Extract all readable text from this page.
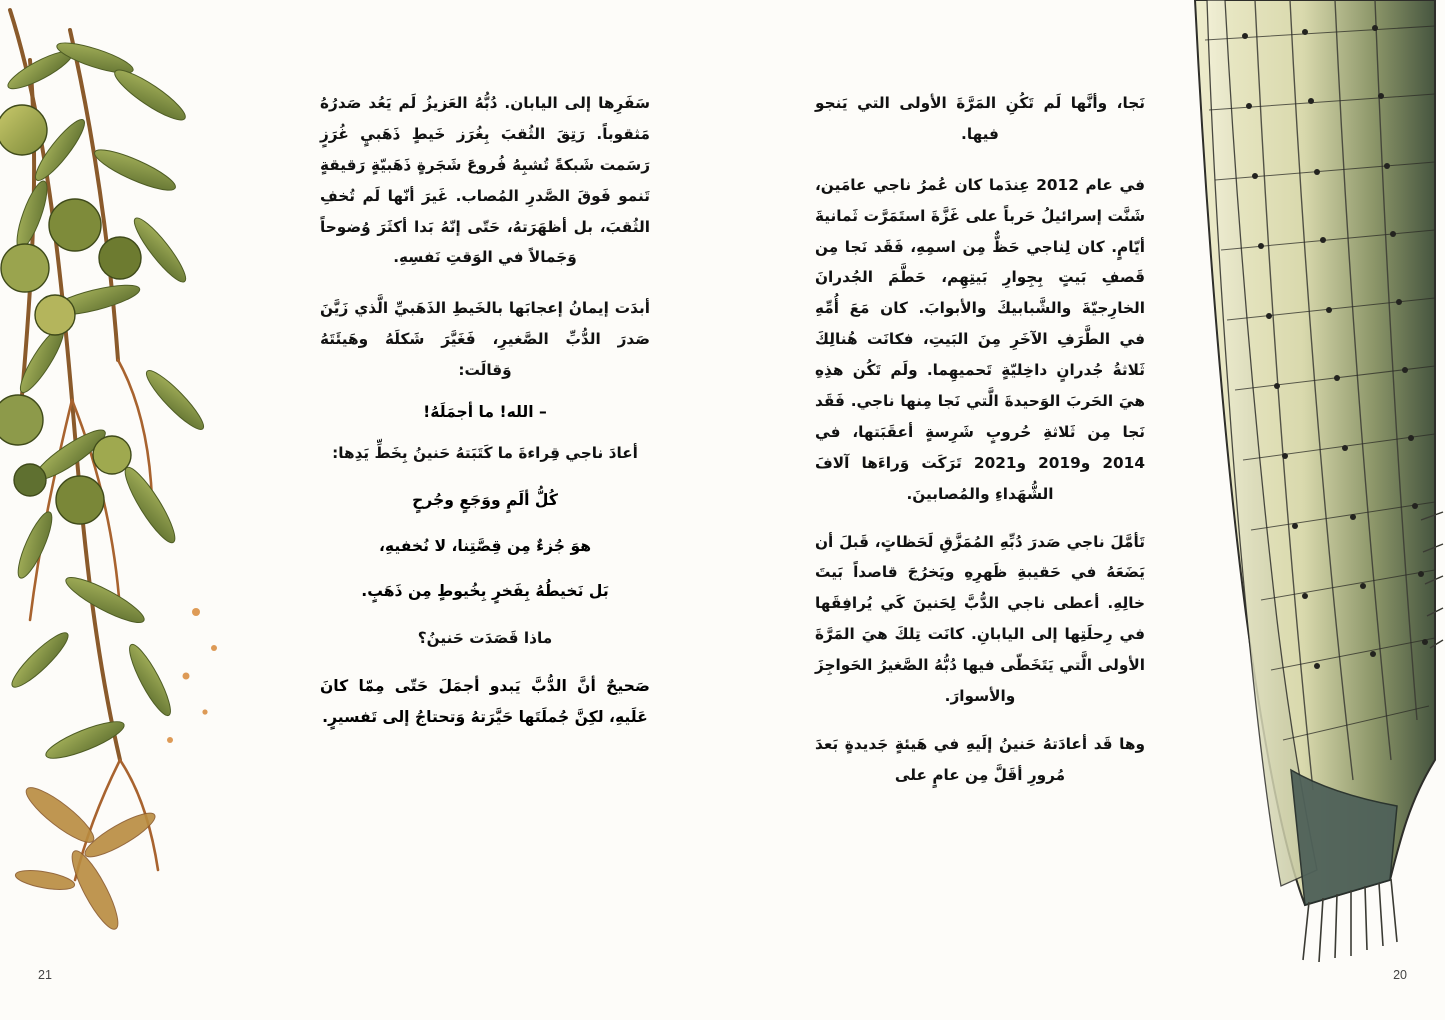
نَجا، وأنَّها لَم تَكُنِ المَرَّةَ الأولى التي يَنجو فيها.

في عام 2012 عِندَما كان عُمرُ ناجي عامَين، شَنَّت إسرائيلُ حَرباً على غَزَّةَ استَمَرَّت ثَمانيةَ أيّامٍ. كان لِناجي حَظٌّ مِن اسمِهِ، فَقَد نَجا مِن قَصفِ بَيتٍ بِجِوارِ بَيتِهِم، حَطَّمَ الجُدرانَ الخارِجيّةَ والشَّبابيكَ والأبوابَ. كان مَعَ أُمِّهِ في الطَّرَفِ الآخَرِ مِنَ البَيتِ، فكانَت هُنالِكَ ثَلاثةُ جُدرانٍ داخِليّةٍ تَحميهِما. ولَم تَكُن هذِهِ هيَ الحَربَ الوَحيدةَ الَّتي نَجا مِنها ناجي. فَقَد نَجا مِن ثَلاثةِ حُروبٍ شَرِسةٍ أعقَبَتها، في 2014 و2019 و2021 تَرَكَت وَراءَها آلافَ الشُّهَداءِ والمُصابينَ.

تَأمَّلَ ناجي صَدرَ دُبِّهِ المُمَزَّقِ لَحَظاتٍ، قَبلَ أن يَضَعَهُ في حَقيبةِ ظَهرِهِ ويَخرُجَ قاصداً بَيتَ خالِهِ. أعطى ناجي الدُّبَّ لِحَنينَ كَي يُرافِقَها في رِحلَتِها إلى اليابانِ. كانَت تِلكَ هيَ المَرَّةَ الأولى الَّتي يَتَخَطّى فيها دُبُّهُ الصَّغيرُ الحَواجِزَ والأسوارَ.

وها قَد أعادَتهُ حَنينُ إلَيهِ في هَيئةٍ جَديدةٍ بَعدَ مُرورِ أقَلَّ مِن عامٍ على

سَفَرِها إلى اليابان. دُبُّهُ العَزيزُ لَم يَعُد صَدرُهُ مَثقوباً. رَتِقَ الثُقبَ بِغُرَز خَيطٍ ذَهَبيٍ غُرَزٍ رَسَمت شَبكةً تُشبِهُ فُروعَ شَجَرةٍ ذَهَبيّةٍ رَقيقةٍ تَنمو فَوقَ الصَّدرِ المُصاب. غَيرَ أنّها لَم تُخفِ الثُقبَ، بل أظهَرَتهُ، حَتّى إنّهُ بَدا أكثَرَ وُضوحاً وَجَمالاً في الوَقتِ نَفسِهِ.

أبدَت إيمانُ إعجابَها بالخَيطِ الذَهَبيِّ الَّذي زَيَّنَ صَدرَ الدُّبِّ الصَّغيرِ، فَغَيَّرَ شَكلَهُ وهَيئَتَهُ وَقالَت:

– الله! ما أجمَلَهُ!

أعادَ ناجي قِراءةَ ما كَتَبَتهُ حَنينُ بِخَطِّ يَدِها:

كُلُّ ألَمٍ ووَجَعٍ وجُرحٍ

هوَ جُزءٌ مِن قِصَّتِنا، لا نُخفيهِ،

بَل نَخيطُهُ بِفَخرٍ بِخُيوطٍ مِن ذَهَبٍ.

ماذا قَصَدَت حَنينُ؟

صَحيحٌ أنَّ الدُّبَّ يَبدو أجمَلَ حَتّى مِمّا كانَ عَلَيهِ، لكِنَّ جُملَتَها حَيَّرَتهُ وَتحتاجُ إلى تَفسيرٍ.

21	20
